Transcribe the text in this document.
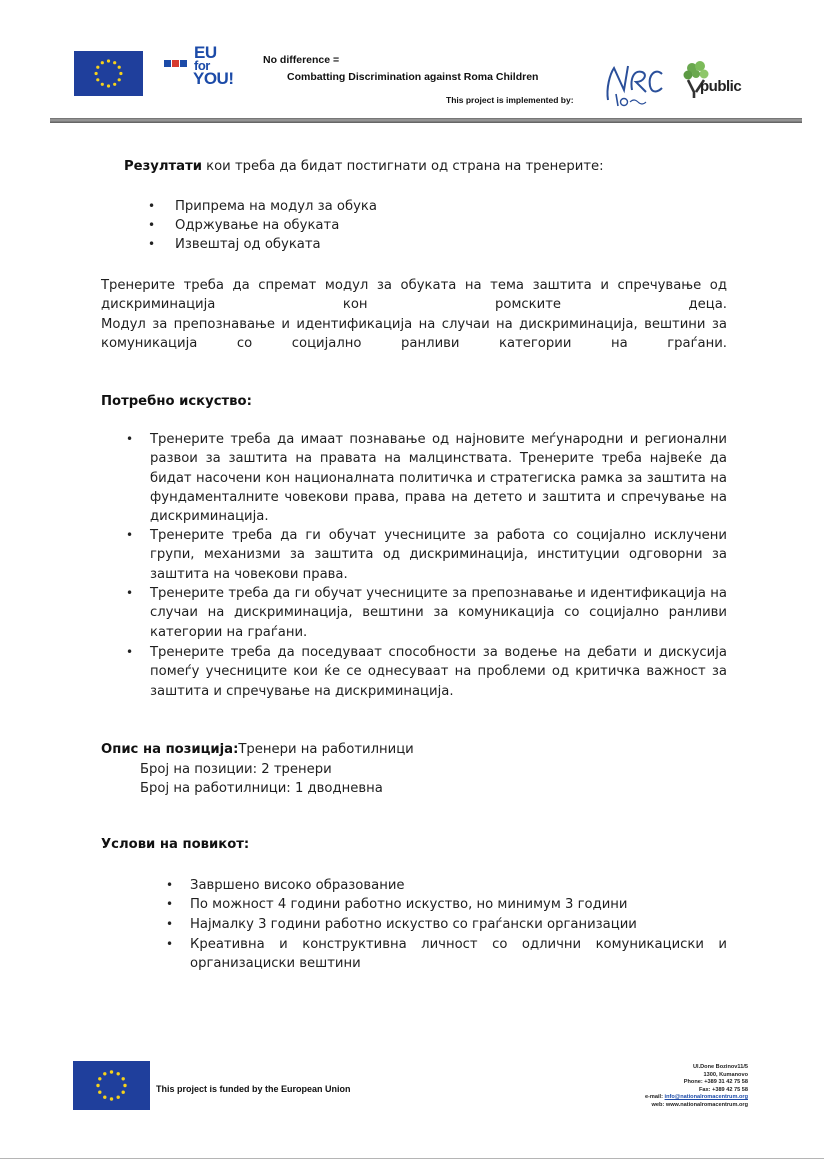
EU
for
YOU!
No difference =
Combatting Discrimination against Roma Children
This project is implemented by:
public
Резултати кои треба да бидат постигнати од страна на тренерите:
• Припрема на модул за обука
• Одржување на обуката
• Извештај од обуката
Тренерите треба да спремат модул за обуката на тема заштита и спречување од дискриминација кон ромските деца.
Модул за препознавање и идентификација на случаи на дискриминација, вештини за комуникација со социјално ранливи категории на граѓани.
Потребно искуство:
• Тренерите треба да имаат познавање од најновите меѓународни и регионални развои за заштита на правата на малцинствата. Тренерите треба највеќе да бидат насочени кон националната политичка и стратегиска рамка за заштита на фундаменталните човекови права, права на детето и заштита и спречување на дискриминација.
• Тренерите треба да ги обучат учесниците за работа со социјално исклучени групи, механизми за заштита од дискриминација, институции одговорни за заштита на човекови права.
• Тренерите треба да ги обучат учесниците за препознавање и идентификација на случаи на дискриминација, вештини за комуникација со социјално ранливи категории на граѓани.
• Тренерите треба да поседуваат способности за водење на дебати и дискусија помеѓу учесниците кои ќе се однесуваат на проблеми од критичка важност за заштита и спречување на дискриминација.
Опис на позиција:Тренери на работилници
Број на позиции: 2 тренери
Број на работилници: 1 дводневна
Услови на повикот:
• Завршено високо образование
• По можност 4 години работно искуство, но минимум 3 години
• Најмалку 3 години работно искуство со граѓански организации
• Креативна и конструктивна личност со одлични комуникациски и организациски вештини
This project is funded by the European Union
Ul.Done Bozinov11/5
1300, Kumanovo
Phone: +389 31 42 75 58
Fax: +389 42 75 58
e-mail: info@nationalromacentrum.org
web: www.nationalromacentrum.org
